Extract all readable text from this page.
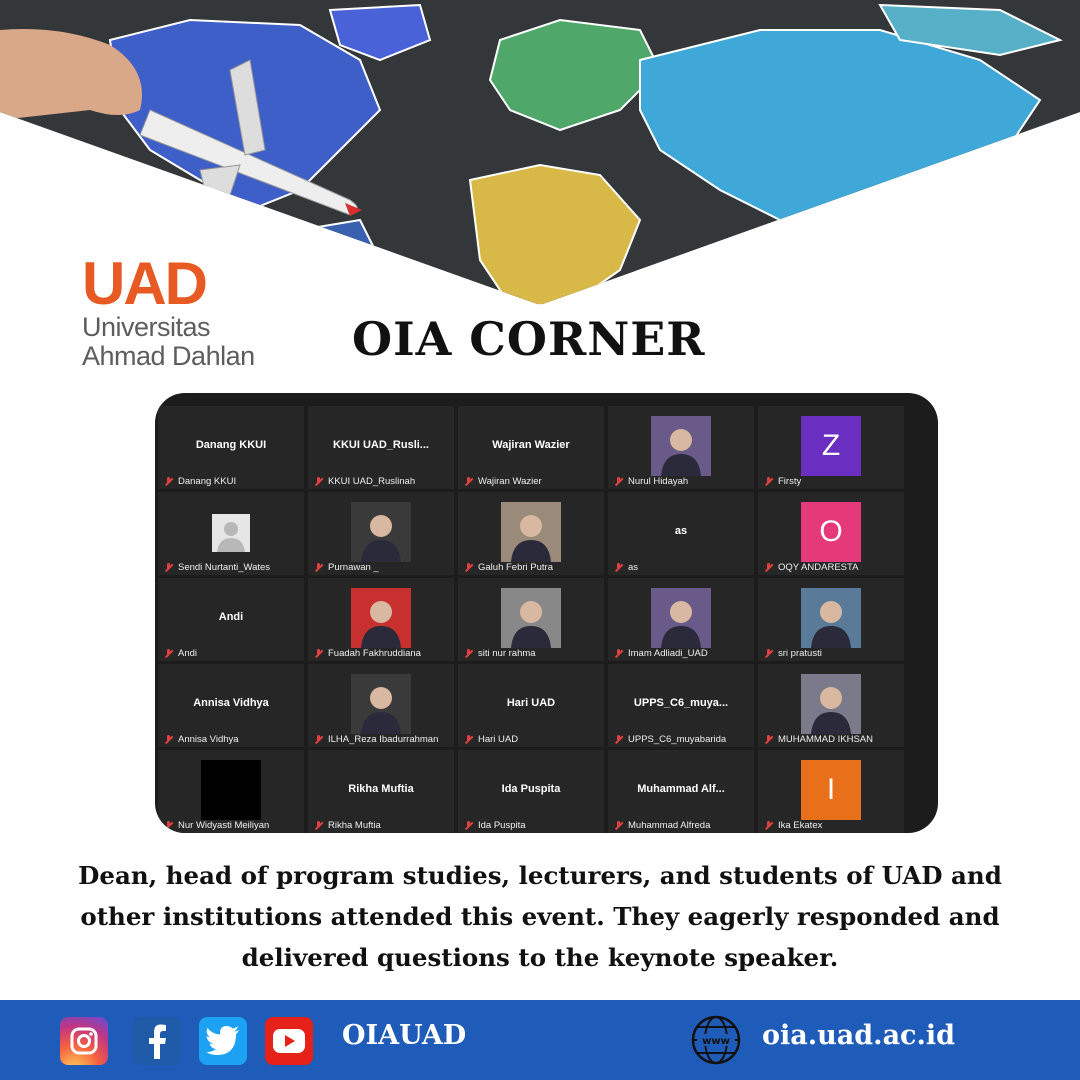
UAD
Universitas
Ahmad Dahlan	OIA CORNER
Danang KKUI
Danang KKUI
KKUI UAD_Rusli...
KKUI UAD_Ruslinah
Wajiran Wazier
Wajiran Wazier	Nurul Hidayah
Z
Firsty
Sendi Nurtanti_Wates	Purnawan _	Galuh Febri Putra
as
as
O
OQY ANDARESTA
Andi
Andi	Fuadah Fakhruddiana	siti nur rahma	Imam Adliadi_UAD	sri pratusti
Annisa Vidhya
Annisa Vidhya	ILHA_Reza Ibadurrahman
Hari UAD
Hari UAD
UPPS_C6_muya...
UPPS_C6_muyabarida	MUHAMMAD IKHSAN
Nur Widyasti Meiliyan
Rikha Muftia
Rikha Muftia
Ida Puspita
Ida Puspita
Muhammad Alf...
Muhammad Alfreda
I
Ika Ekatex
Dean, head of program studies, lecturers, and students of UAD and
other institutions attended this event. They eagerly responded and
delivered questions to the keynote speaker.
OIAUAD	www oia.uad.ac.id
